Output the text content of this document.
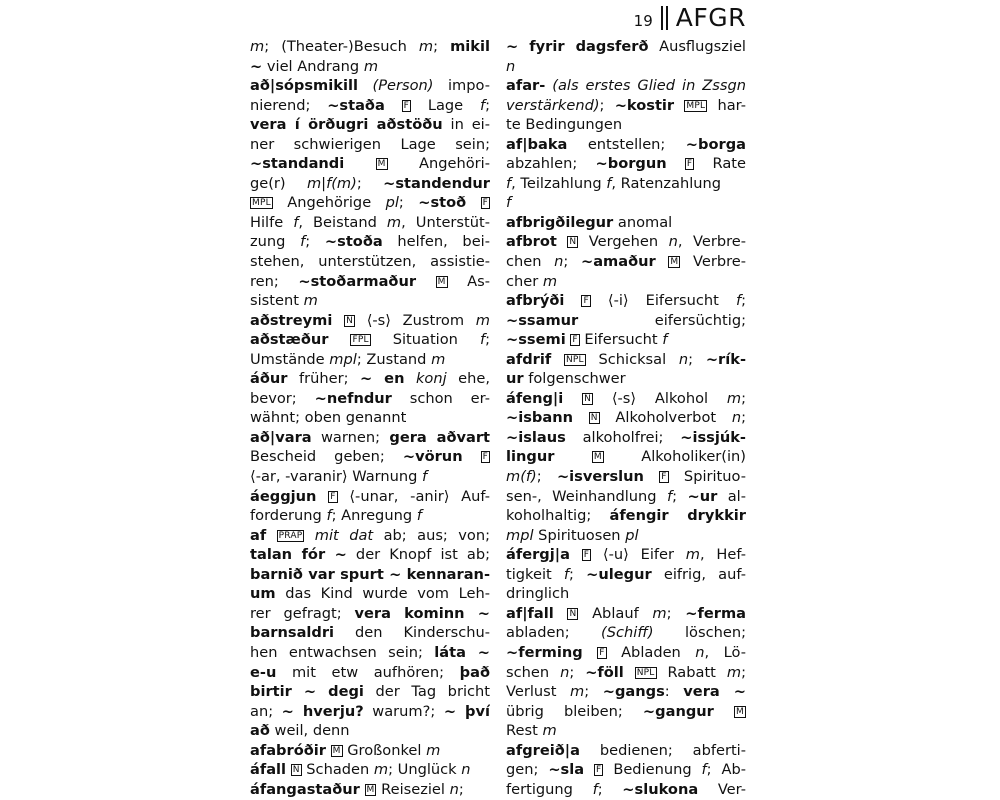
19 AFGR
m; (Theater-)Besuch m; mikil
~ viel Andrang m
að|sópsmikill (Person) impo-
nierend; ~staða F Lage f;
vera í örðugri aðstöðu in ei-
ner schwierigen Lage sein;
~standandi	M Angehöri-
ge(r) m|f(m); ~standendur
MPL Angehörige pl; ~stoð F
Hilfe f, Beistand m, Unterstüt-
zung f; ~stoða helfen, bei-
stehen, unterstützen, assistie-
ren; ~stoðarmaður M As-
sistent m
aðstreymi N ⟨-s⟩ Zustrom m
aðstæður	FPL Situation f;
Umstände mpl; Zustand m
áður früher; ~ en konj ehe,
bevor; ~nefndur schon er-
wähnt; oben genannt
að|vara warnen; gera aðvart
Bescheid geben; ~vörun F
⟨-ar, -varanir⟩ Warnung f
áeggjun F ⟨-unar, -anir⟩ Auf-
forderung f; Anregung f
af PRÄP mit dat ab; aus; von;
talan fór ~ der Knopf ist ab;
barnið var spurt ~ kennaran-
um das Kind wurde vom Leh-
rer gefragt; vera kominn ~
barnsaldri den Kinderschu-
hen entwachsen sein; láta ~
e-u mit etw aufhören; það
birtir ~ degi der Tag bricht
an; ~ hverju? warum?; ~ því
að weil, denn
afabróðir M Großonkel m
áfall N Schaden m; Unglück n
áfangastaður M Reiseziel n;
~ fyrir dagsferð Ausflugsziel
n
afar- (als erstes Glied in Zssgn
verstärkend); ~kostir MPL har-
te Bedingungen
af|baka entstellen; ~borga
abzahlen; ~borgun F Rate
f, Teilzahlung f, Ratenzahlung
f
afbrigðilegur anomal
afbrot N Vergehen n, Verbre-
chen n; ~amaður M Verbre-
cher m
afbrýði F ⟨-i⟩ Eifersucht f;
~ssamur eifersüchtig;
~ssemi F Eifersucht f
afdrif NPL Schicksal n; ~rík-
ur folgenschwer
áfeng|i N ⟨-s⟩ Alkohol m;
~isbann N Alkoholverbot n;
~islaus alkoholfrei; ~issjúk-
lingur	M Alkoholiker(in)
m(f); ~isverslun F Spirituo-
sen-, Weinhandlung f; ~ur al-
koholhaltig; áfengir drykkir
mpl Spirituosen pl
áfergj|a F ⟨-u⟩ Eifer m, Hef-
tigkeit f; ~ulegur eifrig, auf-
dringlich
af|fall N Ablauf m; ~ferma
abladen; (Schiff) löschen;
~ferming F Abladen n, Lö-
schen n; ~föll NPL Rabatt m;
Verlust m; ~gangs: vera ~
übrig bleiben; ~gangur M
Rest m
afgreið|a bedienen; abferti-
gen; ~sla F Bedienung f; Ab-
fertigung f; ~slukona Ver-
